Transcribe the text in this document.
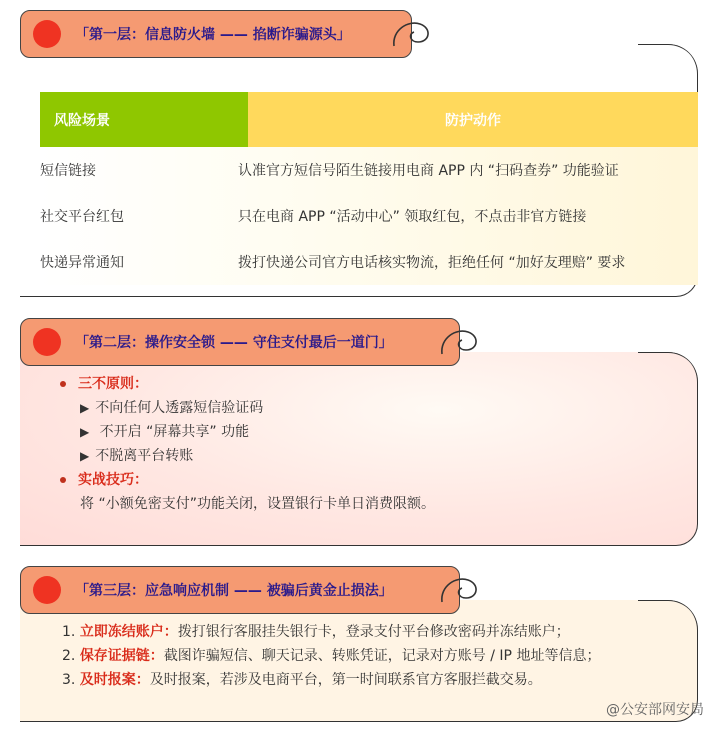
「第一层：信息防火墙 —— 掐断诈骗源头」
风险场景	防护动作
短信链接	认准官方短信号陌生链接用电商 APP 内 “扫码查券” 功能验证
社交平台红包	只在电商 APP “活动中心” 领取红包，不点击非官方链接
快递异常通知	拨打快递公司官方电话核实物流，拒绝任何 “加好友理赔” 要求
「第二层：操作安全锁 —— 守住支付最后一道门」
三不原则：
▶ 不向任何人透露短信验证码
▶ 不开启 “屏幕共享” 功能
▶ 不脱离平台转账
实战技巧：
将 “小额免密支付”功能关闭，设置银行卡单日消费限额。
「第三层：应急响应机制 —— 被骗后黄金止损法」
1. 立即冻结账户：拨打银行客服挂失银行卡，登录支付平台修改密码并冻结账户；
2. 保存证据链：截图诈骗短信、聊天记录、转账凭证，记录对方账号 / IP 地址等信息；
3. 及时报案：及时报案，若涉及电商平台，第一时间联系官方客服拦截交易。
@公安部网安局
